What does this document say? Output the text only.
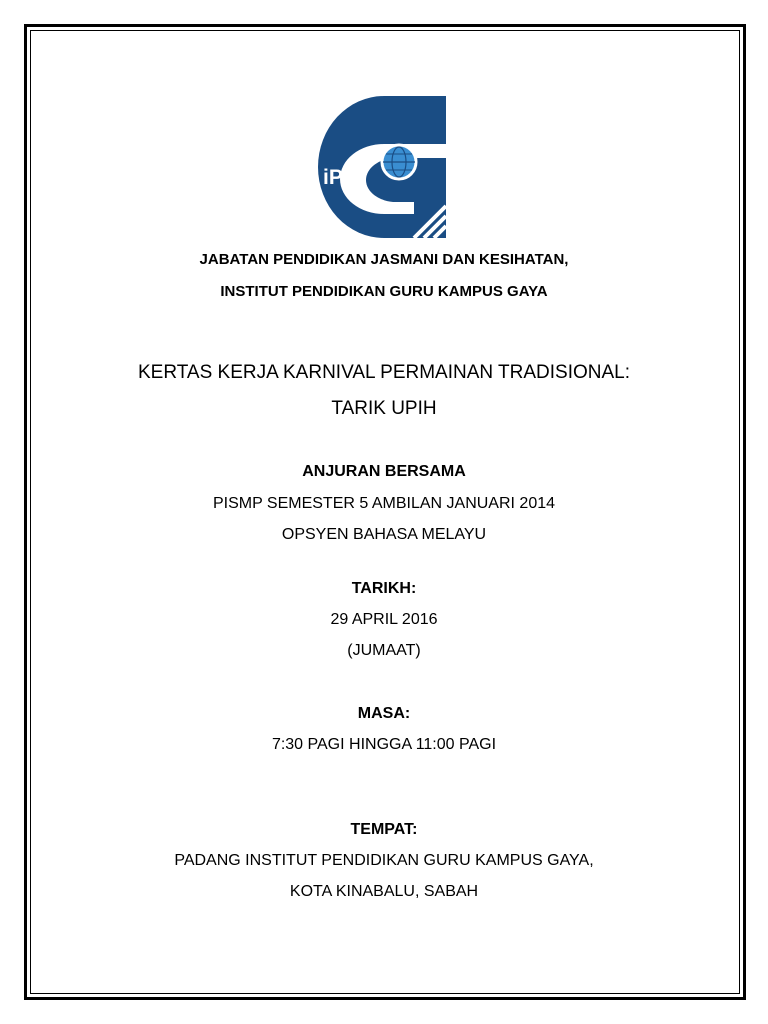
iPG
JABATAN PENDIDIKAN JASMANI DAN KESIHATAN,
INSTITUT PENDIDIKAN GURU KAMPUS GAYA
KERTAS KERJA KARNIVAL PERMAINAN TRADISIONAL:
TARIK UPIH
ANJURAN BERSAMA
PISMP SEMESTER 5 AMBILAN JANUARI 2014
OPSYEN BAHASA MELAYU
TARIKH:
29 APRIL 2016
(JUMAAT)
MASA:
7:30 PAGI HINGGA 11:00 PAGI
TEMPAT:
PADANG INSTITUT PENDIDIKAN GURU KAMPUS GAYA,
KOTA KINABALU, SABAH
